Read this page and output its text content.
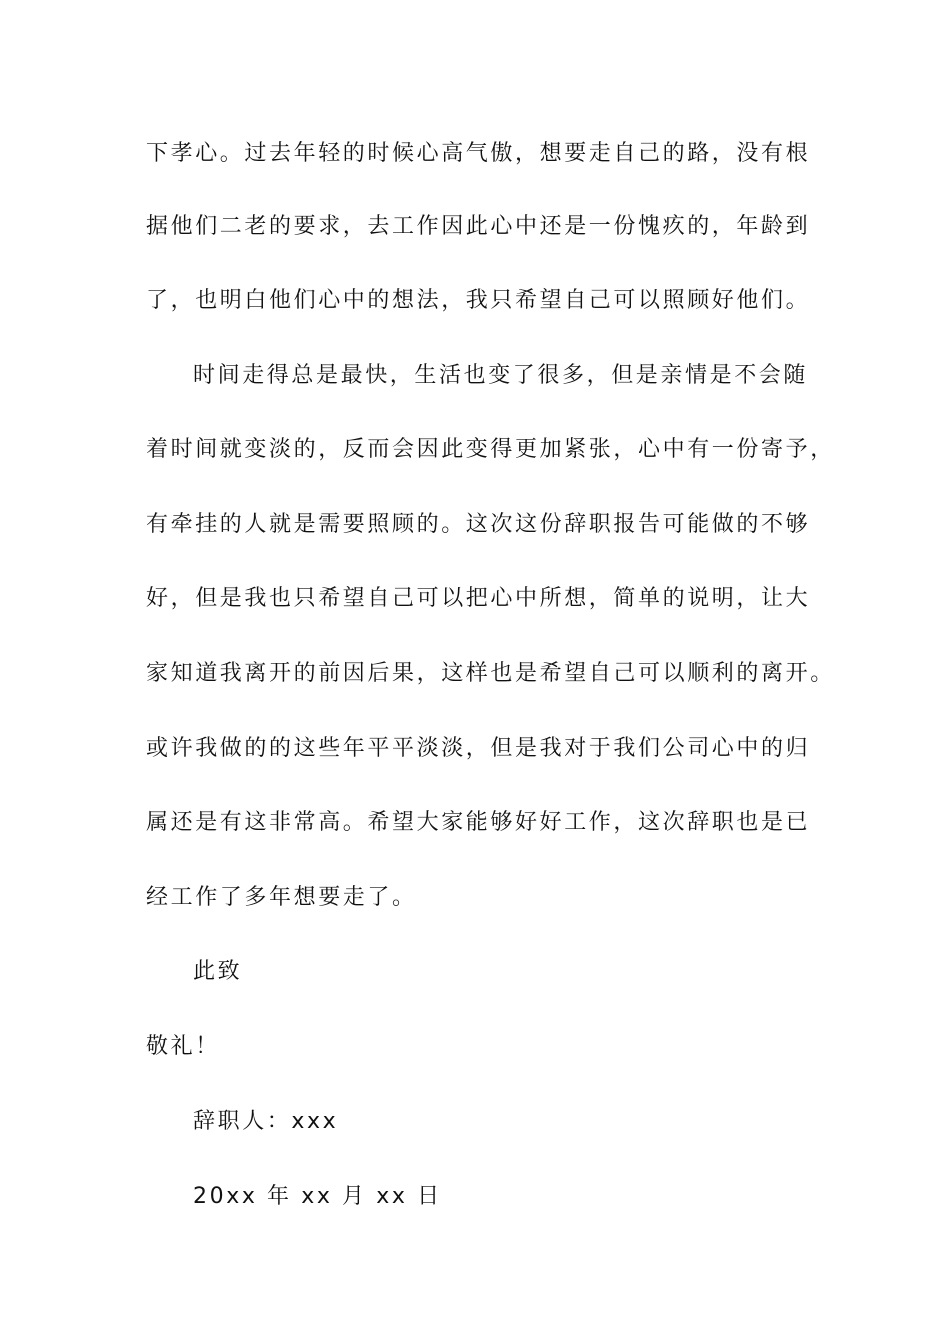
下孝心。过去年轻的时候心高气傲，想要走自己的路，没有根
据他们二老的要求，去工作因此心中还是一份愧疚的，年龄到
了，也明白他们心中的想法，我只希望自己可以照顾好他们。
时间走得总是最快，生活也变了很多，但是亲情是不会随
着时间就变淡的，反而会因此变得更加紧张，心中有一份寄予，
有牵挂的人就是需要照顾的。这次这份辞职报告可能做的不够
好，但是我也只希望自己可以把心中所想，简单的说明，让大
家知道我离开的前因后果，这样也是希望自己可以顺利的离开。
或许我做的的这些年平平淡淡，但是我对于我们公司心中的归
属还是有这非常高。希望大家能够好好工作，这次辞职也是已
经工作了多年想要走了。
此致
敬礼！
辞职人：xxx
20xx 年 xx 月 xx 日
